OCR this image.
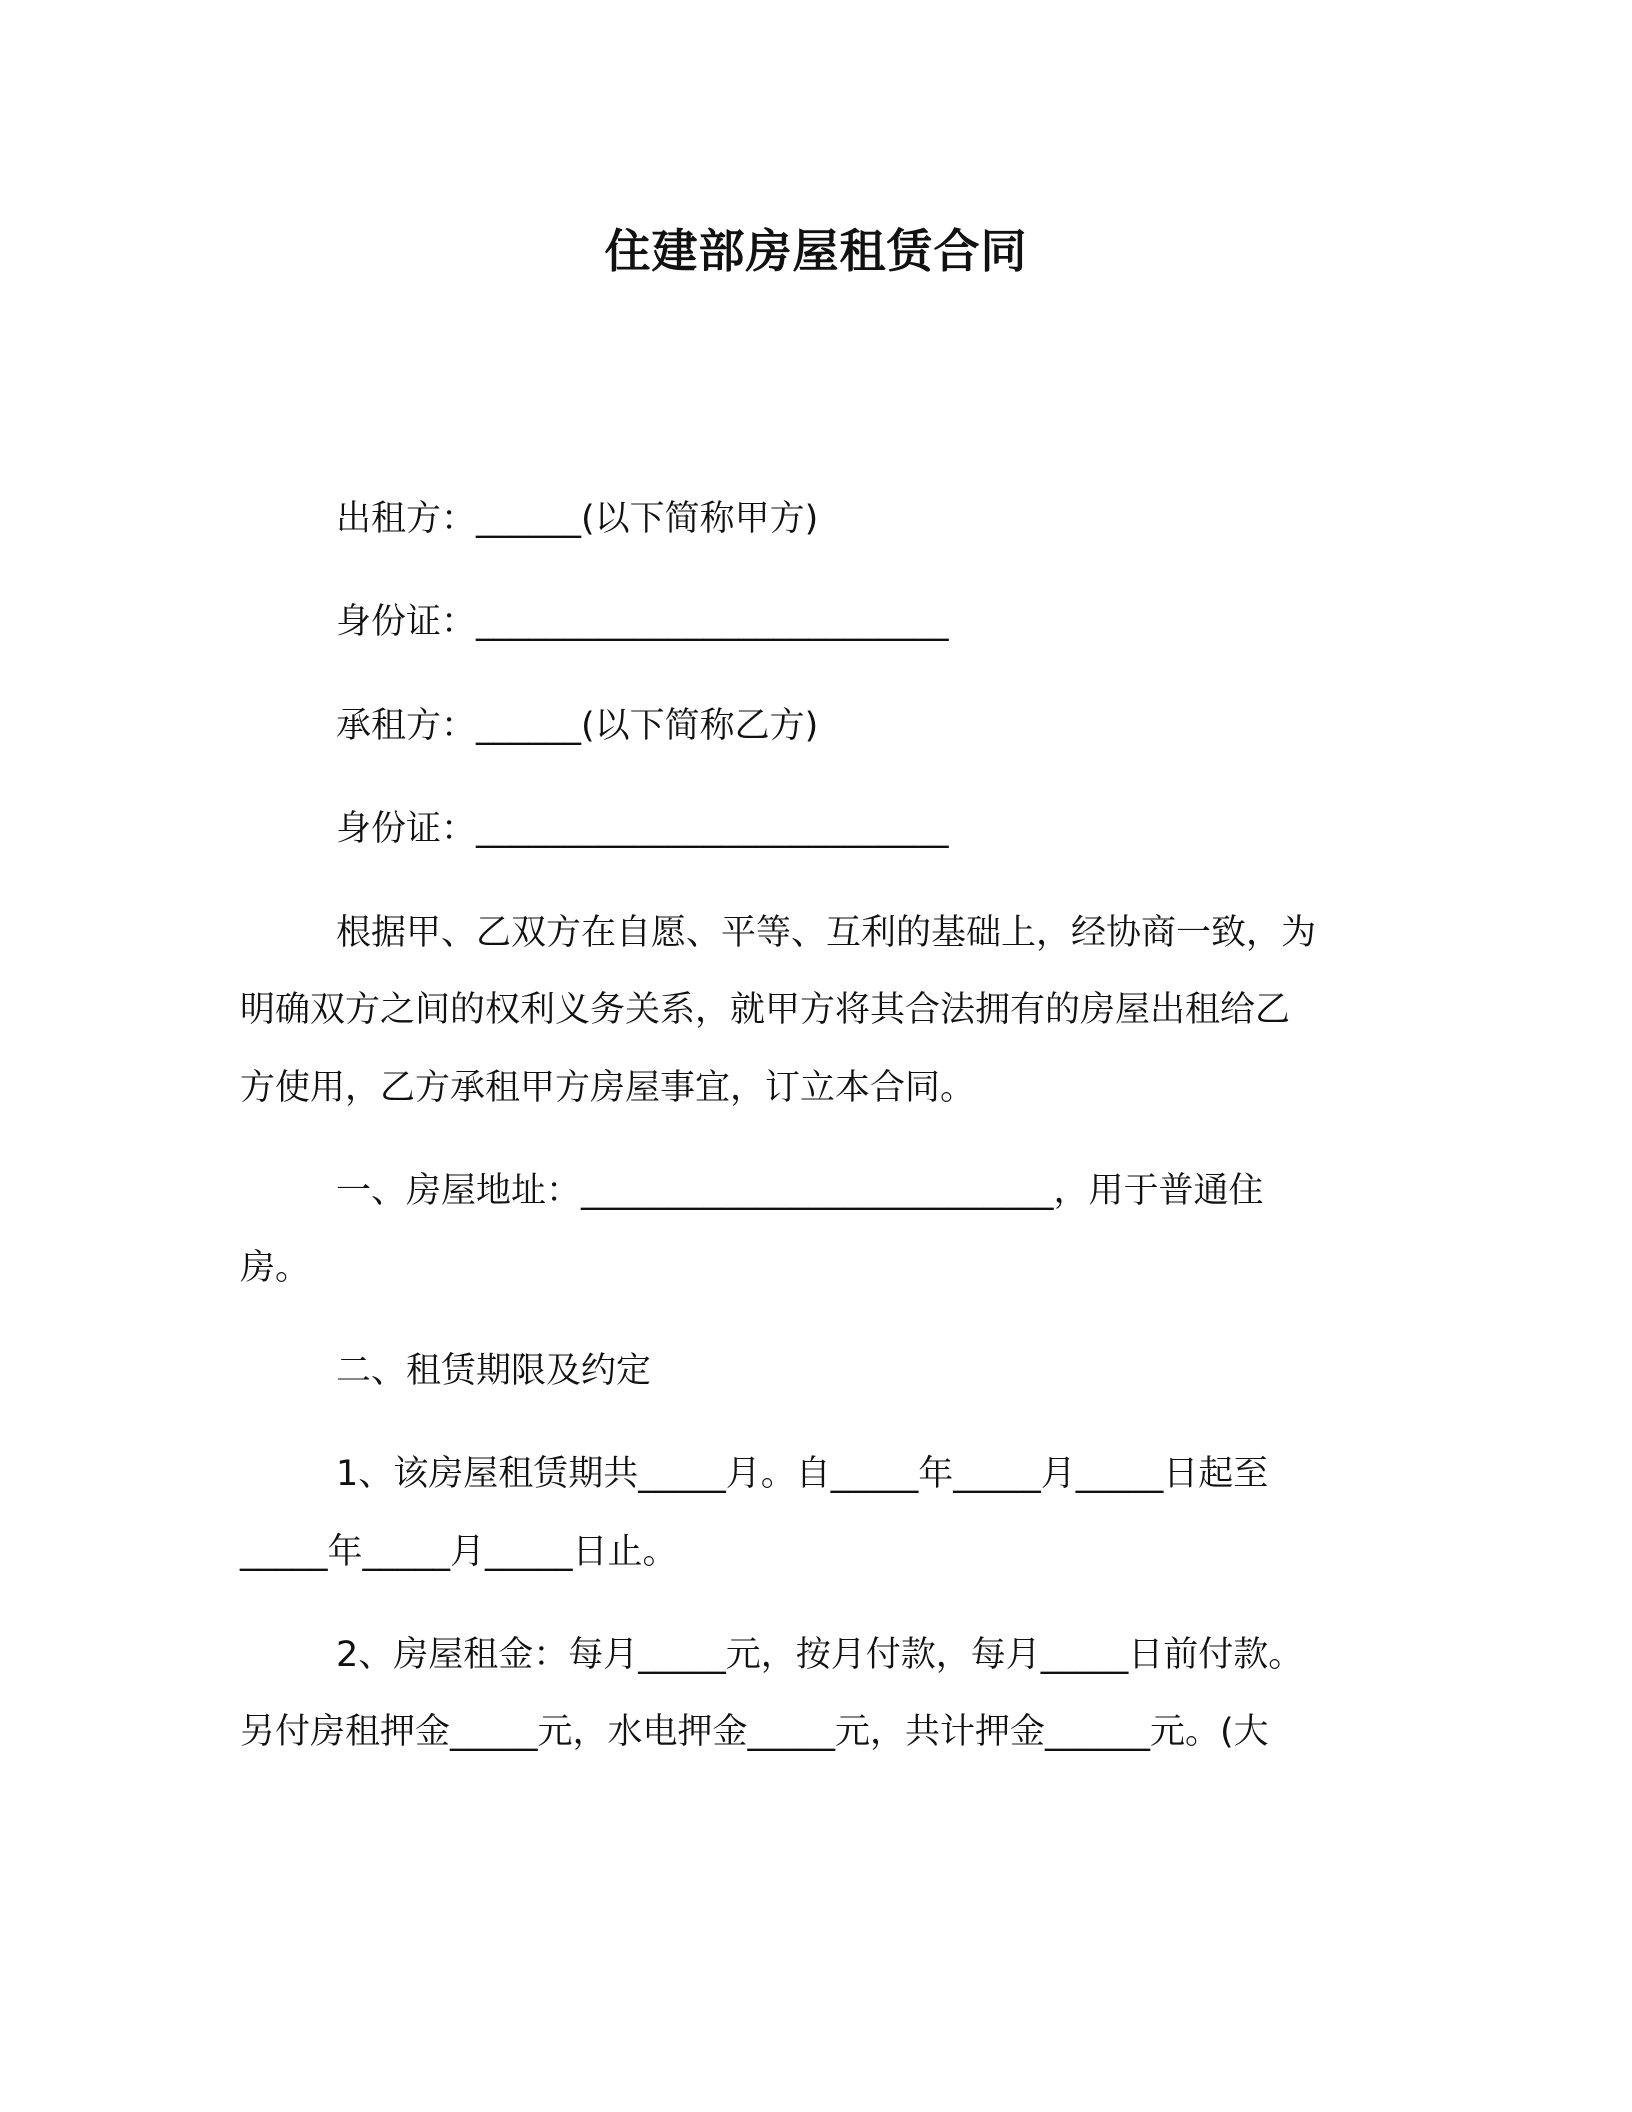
住建部房屋租赁合同
出租方：______(以下简称甲方)
身份证：___________________________
承租方：______(以下简称乙方)
身份证：___________________________
根据甲、乙双方在自愿、平等、互利的基础上，经协商一致，为
明确双方之间的权利义务关系，就甲方将其合法拥有的房屋出租给乙
方使用，乙方承租甲方房屋事宜，订立本合同。
一、房屋地址：___________________________，用于普通住
房。
二、租赁期限及约定
1、该房屋租赁期共_____月。自_____年_____月_____日起至
_____年_____月_____日止。
2、房屋租金：每月_____元，按月付款，每月_____日前付款。
另付房租押金_____元，水电押金_____元，共计押金______元。(大
